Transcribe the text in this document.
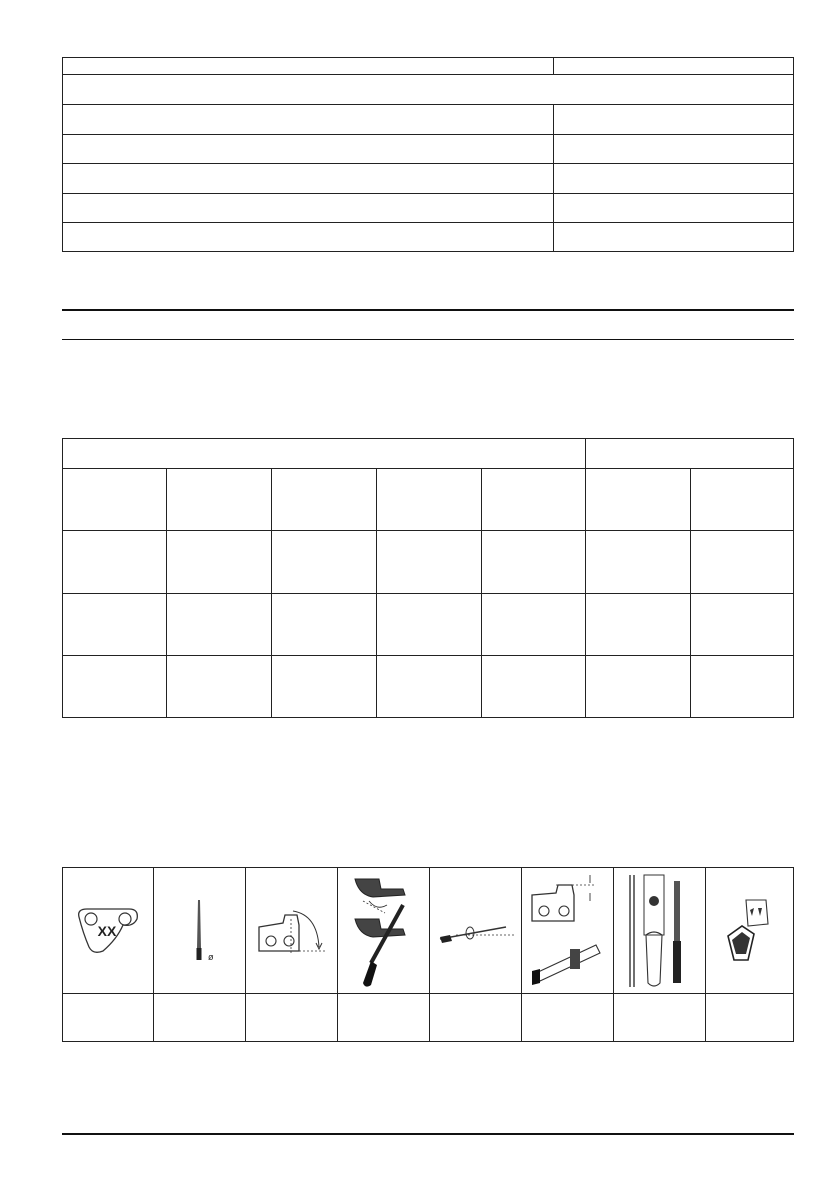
XX	ø
